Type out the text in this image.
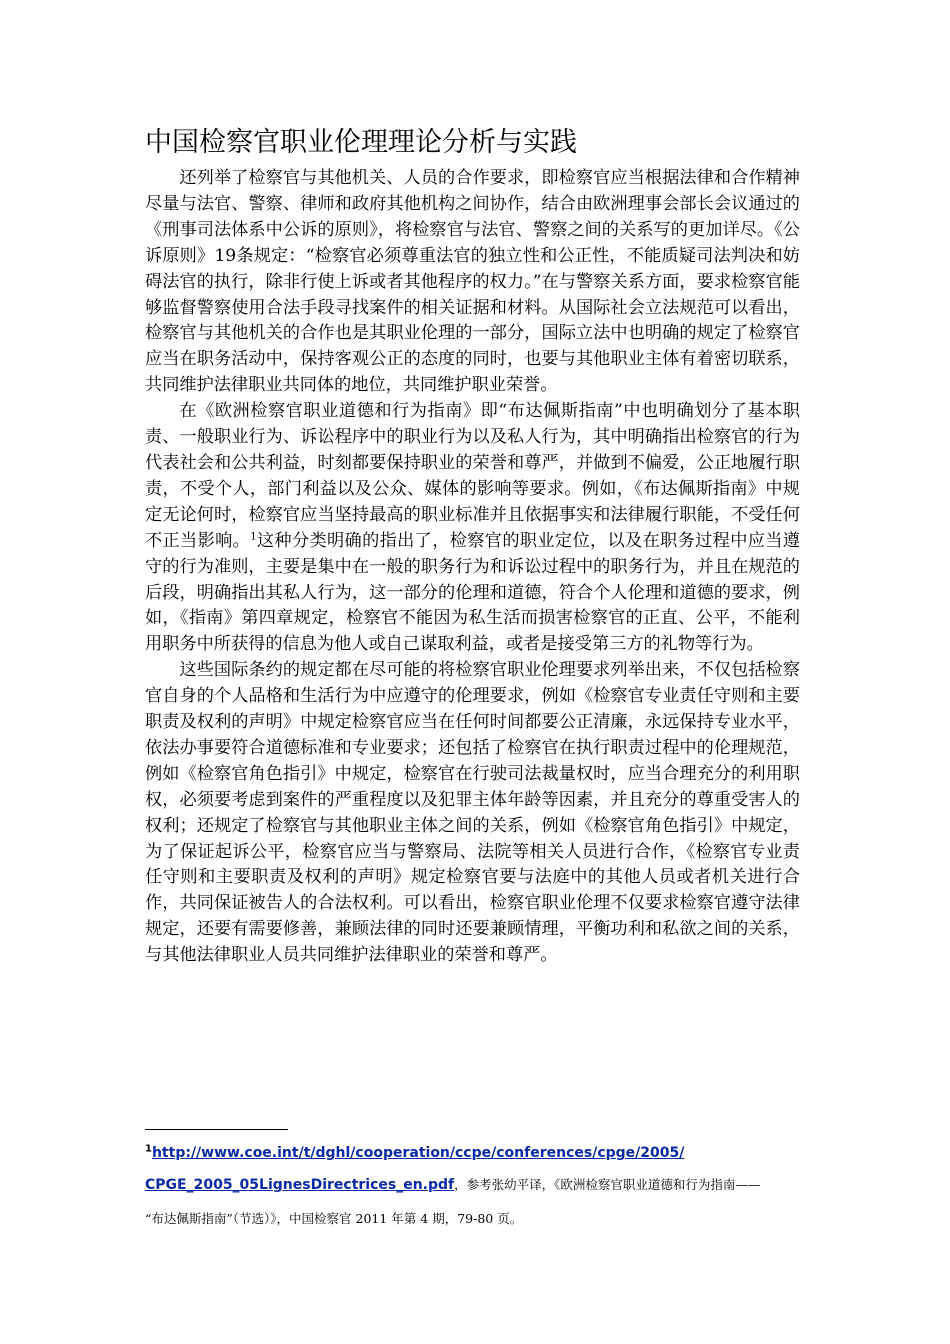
中国检察官职业伦理理论分析与实践

还列举了检察官与其他机关、人员的合作要求，即检察官应当根据法律和合作精神尽量与法官、警察、律师和政府其他机构之间协作，结合由欧洲理事会部长会议通过的《刑事司法体系中公诉的原则》，将检察官与法官、警察之间的关系写的更加详尽。《公诉原则》19条规定：“检察官必须尊重法官的独立性和公正性，不能质疑司法判决和妨碍法官的执行，除非行使上诉或者其他程序的权力。”在与警察关系方面，要求检察官能够监督警察使用合法手段寻找案件的相关证据和材料。从国际社会立法规范可以看出，检察官与其他机关的合作也是其职业伦理的一部分，国际立法中也明确的规定了检察官应当在职务活动中，保持客观公正的态度的同时，也要与其他职业主体有着密切联系，共同维护法律职业共同体的地位，共同维护职业荣誉。

在《欧洲检察官职业道德和行为指南》即“布达佩斯指南”中也明确划分了基本职责、一般职业行为、诉讼程序中的职业行为以及私人行为，其中明确指出检察官的行为代表社会和公共利益，时刻都要保持职业的荣誉和尊严，并做到不偏爱，公正地履行职责，不受个人，部门利益以及公众、媒体的影响等要求。例如，《布达佩斯指南》中规定无论何时，检察官应当坚持最高的职业标准并且依据事实和法律履行职能，不受任何不正当影响。$^1$这种分类明确的指出了，检察官的职业定位，以及在职务过程中应当遵守的行为准则，主要是集中在一般的职务行为和诉讼过程中的职务行为，并且在规范的后段，明确指出其私人行为，这一部分的伦理和道德，符合个人伦理和道德的要求，例如，《指南》第四章规定，检察官不能因为私生活而损害检察官的正直、公平，不能利用职务中所获得的信息为他人或自己谋取利益，或者是接受第三方的礼物等行为。

这些国际条约的规定都在尽可能的将检察官职业伦理要求列举出来，不仅包括检察官自身的个人品格和生活行为中应遵守的伦理要求，例如《检察官专业责任守则和主要职责及权利的声明》中规定检察官应当在任何时间都要公正清廉，永远保持专业水平，依法办事要符合道德标准和专业要求；还包括了检察官在执行职责过程中的伦理规范，例如《检察官角色指引》中规定，检察官在行驶司法裁量权时，应当合理充分的利用职权，必须要考虑到案件的严重程度以及犯罪主体年龄等因素，并且充分的尊重受害人的权利；还规定了检察官与其他职业主体之间的关系，例如《检察官角色指引》中规定，为了保证起诉公平，检察官应当与警察局、法院等相关人员进行合作，《检察官专业责任守则和主要职责及权利的声明》规定检察官要与法庭中的其他人员或者机关进行合作，共同保证被告人的合法权利。可以看出，检察官职业伦理不仅要求检察官遵守法律规定，还要有需要修善，兼顾法律的同时还要兼顾情理，平衡功利和私欲之间的关系，与其他法律职业人员共同维护法律职业的荣誉和尊严。

$^1$http://www.coe.int/t/dghl/cooperation/ccpe/conferences/cpge/2005/
CPGE_2005_05LignesDirectrices_en.pdf，参考张幼平译，《欧洲检察官职业道德和行为指南——
“布达佩斯指南”（节选）》，中国检察官 2011 年第 4 期，79-80 页。
